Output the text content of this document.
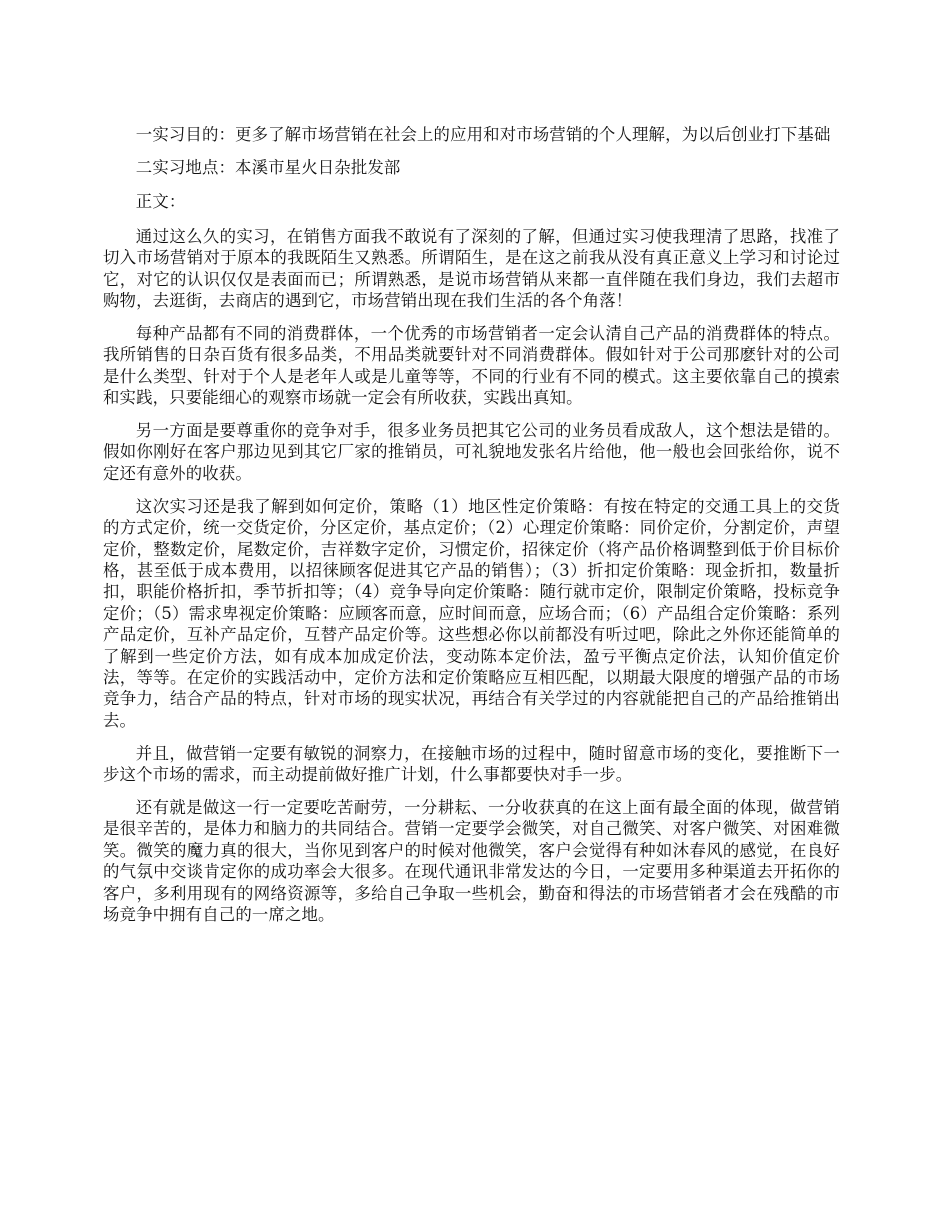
一实习目的：更多了解市场营销在社会上的应用和对市场营销的个人理解，为以后创业打下基础

二实习地点：本溪市星火日杂批发部

正文：

通过这么久的实习，在销售方面我不敢说有了深刻的了解，但通过实习使我理清了思路，找准了切入市场营销对于原本的我既陌生又熟悉。所谓陌生，是在这之前我从没有真正意义上学习和讨论过它，对它的认识仅仅是表面而已；所谓熟悉，是说市场营销从来都一直伴随在我们身边，我们去超市购物，去逛街，去商店的遇到它，市场营销出现在我们生活的各个角落！

每种产品都有不同的消费群体，一个优秀的市场营销者一定会认清自己产品的消费群体的特点。我所销售的日杂百货有很多品类，不用品类就要针对不同消费群体。假如针对于公司那麽针对的公司是什么类型、针对于个人是老年人或是儿童等等，不同的行业有不同的模式。这主要依靠自己的摸索和实践，只要能细心的观察市场就一定会有所收获，实践出真知。

另一方面是要尊重你的竞争对手，很多业务员把其它公司的业务员看成敌人，这个想法是错的。假如你刚好在客户那边见到其它厂家的推销员，可礼貌地发张名片给他，他一般也会回张给你，说不定还有意外的收获。

这次实习还是我了解到如何定价，策略（1）地区性定价策略：有按在特定的交通工具上的交货的方式定价，统一交货定价，分区定价，基点定价；（2）心理定价策略：同价定价，分割定价，声望定价，整数定价，尾数定价，吉祥数字定价，习惯定价，招徕定价（将产品价格调整到低于价目标价格，甚至低于成本费用，以招徕顾客促进其它产品的销售）；（3）折扣定价策略：现金折扣，数量折扣，职能价格折扣，季节折扣等；（4）竞争导向定价策略：随行就市定价，限制定价策略，投标竞争定价；（5）需求卑视定价策略：应顾客而意，应时间而意，应场合而；（6）产品组合定价策略：系列产品定价，互补产品定价，互替产品定价等。这些想必你以前都没有听过吧，除此之外你还能简单的了解到一些定价方法，如有成本加成定价法，变动陈本定价法，盈亏平衡点定价法，认知价值定价法，等等。在定价的实践活动中，定价方法和定价策略应互相匹配，以期最大限度的增强产品的市场竞争力，结合产品的特点，针对市场的现实状况，再结合有关学过的内容就能把自己的产品给推销出去。

并且，做营销一定要有敏锐的洞察力，在接触市场的过程中，随时留意市场的变化，要推断下一步这个市场的需求，而主动提前做好推广计划，什么事都要快对手一步。

还有就是做这一行一定要吃苦耐劳，一分耕耘、一分收获真的在这上面有最全面的体现，做营销是很辛苦的，是体力和脑力的共同结合。营销一定要学会微笑，对自己微笑、对客户微笑、对困难微笑。微笑的魔力真的很大，当你见到客户的时候对他微笑，客户会觉得有种如沐春风的感觉，在良好的气氛中交谈肯定你的成功率会大很多。在现代通讯非常发达的今日，一定要用多种渠道去开拓你的客户，多利用现有的网络资源等，多给自己争取一些机会，勤奋和得法的市场营销者才会在残酷的市场竞争中拥有自己的一席之地。
